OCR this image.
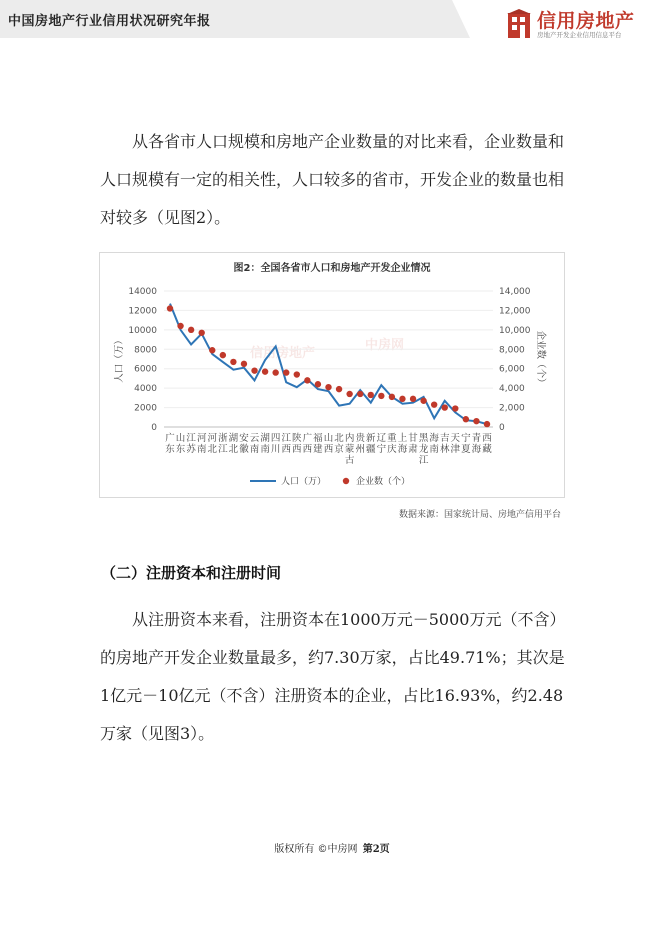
中国房地产行业信用状况研究年报	信用房地产
房地产开发企业信用信息平台

从各省市人口规模和房地产企业数量的对比来看，企业数量和人口规模有一定的相关性，人口较多的省市，开发企业的数量也相对较多（见图2）。

图2：全国各省市人口和房地产开发企业情况
信用房地产
中房网
14000
12000
10000
8000
6000
4000
2000
0
14,000
12,000
10,000
8,000
6,000
4,000
2,000
0
人口（万）	企业数（个）
广
东
山
东
江
苏
河
南
河
北
浙
江
湖
北
安
徽
云
南
湖
南
四
川
江
西
陕
西
广
西
福
建
山
西
北
京
内
蒙
古
贵
州
新
疆
辽
宁
重
庆
上
海
甘
肃
黑
龙
江
海
南
吉
林
天
津
宁
夏
青
海
西
藏
人口（万）	企业数（个）
数据来源：国家统计局、房地产信用平台
（二）注册资本和注册时间

从注册资本来看，注册资本在1000万元－5000万元（不含）的房地产开发企业数量最多，约7.30万家，占比49.71%；其次是1亿元－10亿元（不含）注册资本的企业，占比16.93%，约2.48万家（见图3）。

版权所有 ©中房网 第2页
